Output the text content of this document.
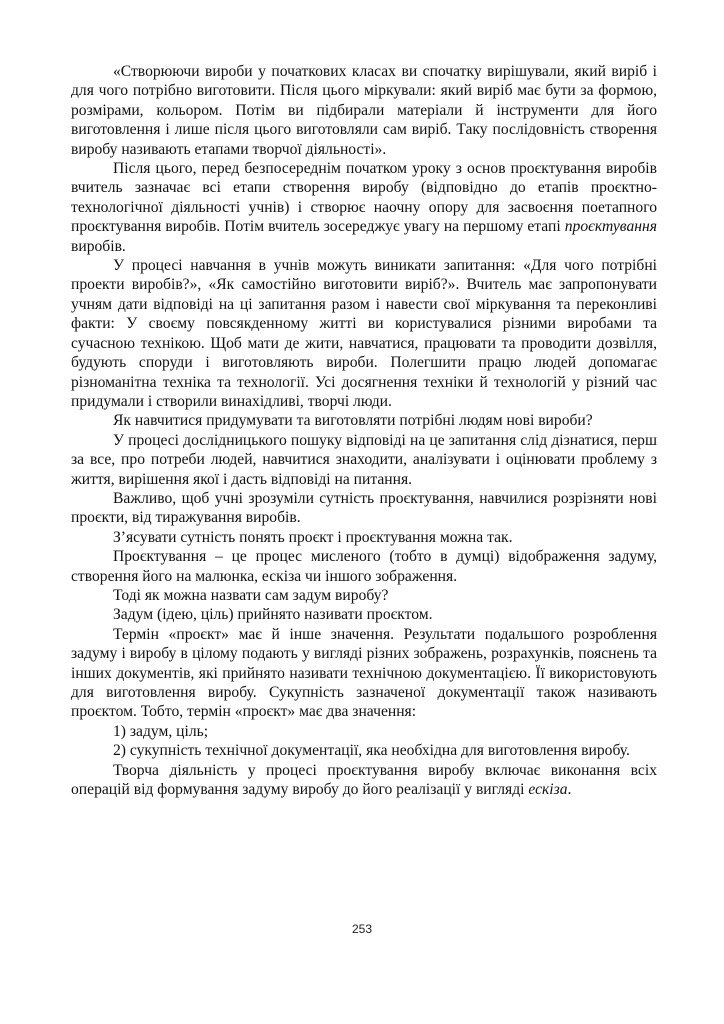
«Створюючи вироби у початкових класах ви спочатку вирішували, який виріб і для чого потрібно виготовити. Після цього міркували: який виріб має бути за формою, розмірами, кольором. Потім ви підбирали матеріали й інструменти для його виготовлення і лише після цього виготовляли сам виріб. Таку послідовність створення виробу називають етапами творчої діяльності».

Після цього, перед безпосереднім початком уроку з основ проєктування виробів вчитель зазначає всі етапи створення виробу (відповідно до етапів проєктно-технологічної діяльності учнів) і створює наочну опору для засвоєння поетапного проєктування виробів. Потім вчитель зосереджує увагу на першому етапі проєктування виробів.

У процесі навчання в учнів можуть виникати запитання: «Для чого потрібні проекти виробів?», «Як самостійно виготовити виріб?». Вчитель має запропонувати учням дати відповіді на ці запитання разом і навести свої міркування та переконливі факти: У своєму повсякденному житті ви користувалися різними виробами та сучасною технікою. Щоб мати де жити, навчатися, працювати та проводити дозвілля, будують споруди і виготовляють вироби. Полегшити працю людей допомагає різноманітна техніка та технології. Усі досягнення техніки й технологій у різний час придумали і створили винахідливі, творчі люди.

Як навчитися придумувати та виготовляти потрібні людям нові вироби?

У процесі дослідницького пошуку відповіді на це запитання слід дізнатися, перш за все, про потреби людей, навчитися знаходити, аналізувати і оцінювати проблему з життя, вирішення якої і дасть відповіді на питання.

Важливо, щоб учні зрозуміли сутність проєктування, навчилися розрізняти нові проєкти, від тиражування виробів.

З’ясувати сутність понять проєкт і проєктування можна так.

Проєктування – це процес мисленого (тобто в думці) відображення задуму, створення його на малюнка, ескіза чи іншого зображення.

Тоді як можна назвати сам задум виробу?

Задум (ідею, ціль) прийнято називати проєктом.

Термін «проєкт» має й інше значення. Результати подальшого розроблення задуму і виробу в цілому подають у вигляді різних зображень, розрахунків, пояснень та інших документів, які прийнято називати технічною документацією. Її використовують для виготовлення виробу. Сукупність зазначеної документації також називають проєктом. Тобто, термін «проєкт» має два значення:

1) задум, ціль;

2) сукупність технічної документації, яка необхідна для виготовлення виробу.

Творча діяльність у процесі проєктування виробу включає виконання всіх операцій від формування задуму виробу до його реалізації у вигляді ескіза.

253
